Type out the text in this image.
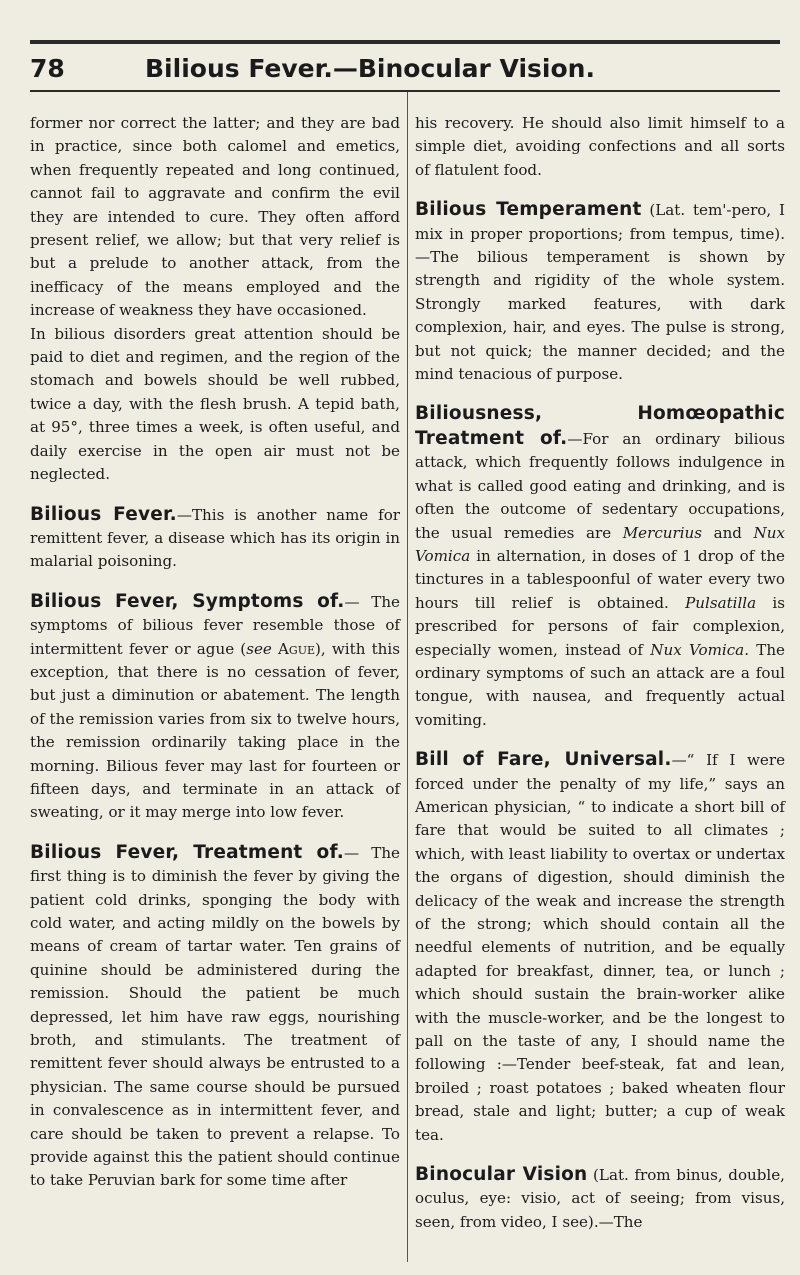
78	Bilious Fever.—Binocular Vision.

former nor correct the latter; and they are bad in practice, since both calomel and emetics, when frequently repeated and long continued, cannot fail to aggravate and confirm the evil they are intended to cure. They often afford present relief, we allow; but that very relief is but a prelude to another attack, from the inefficacy of the means employed and the increase of weakness they have occasioned.

In bilious disorders great attention should be paid to diet and regimen, and the region of the stomach and bowels should be well rubbed, twice a day, with the flesh brush. A tepid bath, at 95°, three times a week, is often useful, and daily exercise in the open air must not be neglected.

Bilious Fever.—This is another name for remittent fever, a disease which has its origin in malarial poisoning.

Bilious Fever, Symptoms of.— The symptoms of bilious fever resemble those of intermittent fever or ague (see Ague), with this exception, that there is no cessation of fever, but just a diminution or abatement. The length of the remission varies from six to twelve hours, the remission ordinarily taking place in the morning. Bilious fever may last for fourteen or fifteen days, and terminate in an attack of sweating, or it may merge into low fever.

Bilious Fever, Treatment of.— The first thing is to diminish the fever by giving the patient cold drinks, sponging the body with cold water, and acting mildly on the bowels by means of cream of tartar water. Ten grains of quinine should be administered during the remission. Should the patient be much depressed, let him have raw eggs, nourishing broth, and stimulants. The treatment of remittent fever should always be entrusted to a physician. The same course should be pursued in convalescence as in intermittent fever, and care should be taken to prevent a relapse. To provide against this the patient should continue to take Peruvian bark for some time after

his recovery. He should also limit himself to a simple diet, avoiding confections and all sorts of flatulent food.

Bilious Temperament (Lat. tem'-pero, I mix in proper proportions; from tempus, time).—The bilious temperament is shown by strength and rigidity of the whole system. Strongly marked features, with dark complexion, hair, and eyes. The pulse is strong, but not quick; the manner decided; and the mind tenacious of purpose.

Biliousness, Homœopathic Treatment of.—For an ordinary bilious attack, which frequently follows indulgence in what is called good eating and drinking, and is often the outcome of sedentary occupations, the usual remedies are Mercurius and Nux Vomica in alternation, in doses of 1 drop of the tinctures in a tablespoonful of water every two hours till relief is obtained. Pulsatilla is prescribed for persons of fair complexion, especially women, instead of Nux Vomica. The ordinary symptoms of such an attack are a foul tongue, with nausea, and frequently actual vomiting.

Bill of Fare, Universal.—“ If I were forced under the penalty of my life,” says an American physician, “ to indicate a short bill of fare that would be suited to all climates ; which, with least liability to overtax or undertax the organs of digestion, should diminish the delicacy of the weak and increase the strength of the strong; which should contain all the needful elements of nutrition, and be equally adapted for breakfast, dinner, tea, or lunch ; which should sustain the brain-worker alike with the muscle-worker, and be the longest to pall on the taste of any, I should name the following :—Tender beef-steak, fat and lean, broiled ; roast potatoes ; baked wheaten flour bread, stale and light; butter; a cup of weak tea.

Binocular Vision (Lat. from binus, double, oculus, eye: visio, act of seeing; from visus, seen, from video, I see).—The
